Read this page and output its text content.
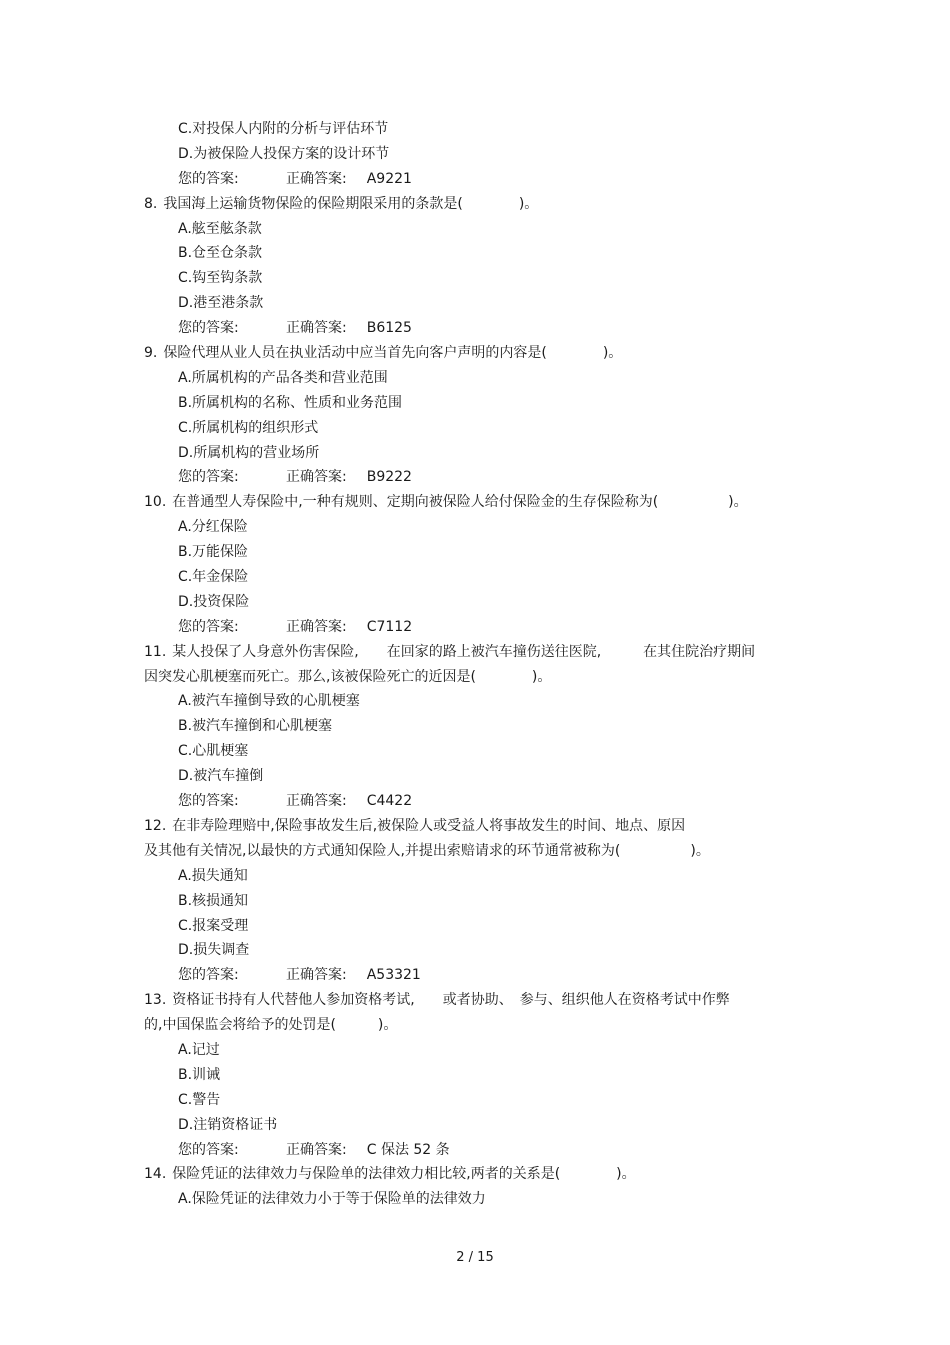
C.对投保人内附的分析与评估环节
D.为被保险人投保方案的设计环节
您的答案:	正确答案: A9221
8. 我国海上运输货物保险的保险期限采用的条款是(　　　　)。
A.舷至舷条款
B.仓至仓条款
C.钩至钩条款
D.港至港条款
您的答案:	正确答案: B6125
9. 保险代理从业人员在执业活动中应当首先向客户声明的内容是(　　　　)。
A.所属机构的产品各类和营业范围
B.所属机构的名称、性质和业务范围
C.所属机构的组织形式
D.所属机构的营业场所
您的答案:	正确答案: B9222
10. 在普通型人寿保险中,一种有规则、定期向被保险人给付保险金的生存保险称为(　　　　　)。
A.分红保险
B.万能保险
C.年金保险
D.投资保险
您的答案:	正确答案: C7112
11. 某人投保了人身意外伤害保险,　　在回家的路上被汽车撞伤送往医院,　　　在其住院治疗期间
因突发心肌梗塞而死亡。那么,该被保险死亡的近因是(　　　　)。
A.被汽车撞倒导致的心肌梗塞
B.被汽车撞倒和心肌梗塞
C.心肌梗塞
D.被汽车撞倒
您的答案:	正确答案: C4422
12. 在非寿险理赔中,保险事故发生后,被保险人或受益人将事故发生的时间、地点、原因
及其他有关情况,以最快的方式通知保险人,并提出索赔请求的环节通常被称为(　　　　　)。
A.损失通知
B.核损通知
C.报案受理
D.损失调查
您的答案:	正确答案: A53321
13. 资格证书持有人代替他人参加资格考试,　　或者协助、　参与、组织他人在资格考试中作弊
的,中国保监会将给予的处罚是(　　　)。
A.记过
B.训诫
C.警告
D.注销资格证书
您的答案:	正确答案: C 保法 52 条
14. 保险凭证的法律效力与保险单的法律效力相比较,两者的关系是(　　　　)。
A.保险凭证的法律效力小于等于保险单的法律效力
2 / 15
